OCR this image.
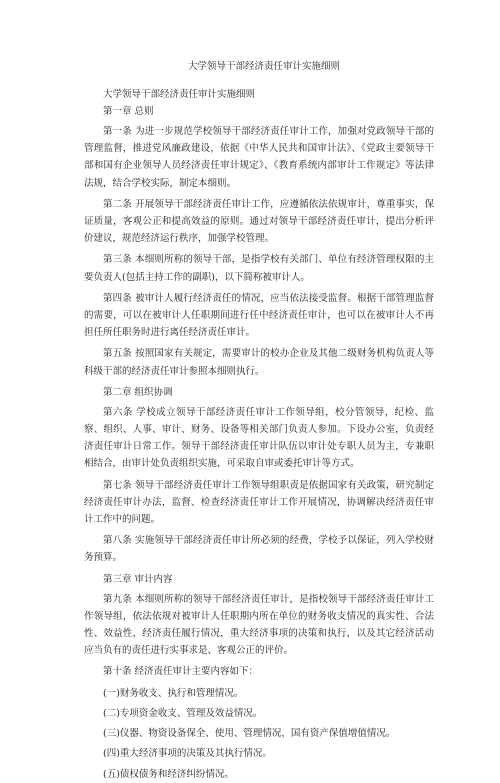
大学领导干部经济责任审计实施细则

大学领导干部经济责任审计实施细则

第一章 总则

第一条 为进一步规范学校领导干部经济责任审计工作，加强对党政领导干部的管理监督，推进党风廉政建设，依据《中华人民共和国审计法》、《党政主要领导干部和国有企业领导人员经济责任审计规定》、《教育系统内部审计工作规定》等法律法规，结合学校实际，制定本细则。

第二条 开展领导干部经济责任审计工作，应遵循依法依规审计，尊重事实，保证质量，客观公正和提高效益的原则。通过对领导干部经济责任审计，提出分析评价建议，规范经济运行秩序，加强学校管理。

第三条 本细则所称的领导干部，是指学校有关部门、单位有经济管理权限的主要负责人(包括主持工作的副职)，以下简称被审计人。

第四条 被审计人履行经济责任的情况，应当依法接受监督。根据干部管理监督的需要，可以在被审计人任职期间进行任中经济责任审计，也可以在被审计人不再担任所任职务时进行离任经济责任审计。

第五条 按照国家有关规定，需要审计的校办企业及其他二级财务机构负责人等科级干部的经济责任审计参照本细则执行。

第二章 组织协调

第六条 学校成立领导干部经济责任审计工作领导组，校分管领导，纪检、监察、组织、人事、审计、财务、设备等相关部门负责人参加。下设办公室，负责经济责任审计日常工作。领导干部经济责任审计队伍以审计处专职人员为主，专兼职相结合，由审计处负责组织实施，可采取自审或委托审计等方式。

第七条 领导干部经济责任审计工作领导组职责是依据国家有关政策，研究制定经济责任审计办法，监督、检查经济责任审计工作开展情况，协调解决经济责任审计工作中的问题。

第八条 实施领导干部经济责任审计所必须的经费，学校予以保证，列入学校财务预算。

第三章 审计内容

第九条 本细则所称的领导干部经济责任审计，是指校领导干部经济责任审计工作领导组，依法依规对被审计人任职期内所在单位的财务收支情况的真实性、合法性、效益性，经济责任履行情况，重大经济事项的决策和执行，以及其它经济活动应当负有的责任进行实事求是、客观公正的评价。

第十条 经济责任审计主要内容如下：

(一)财务收支、执行和管理情况。

(二)专项资金收支、管理及效益情况。

(三)仪器、物资设备保全、使用、管理情况，国有资产保值增值情况。

(四)重大经济事项的决策及其执行情况。

(五)债权债务和经济纠纷情况。
